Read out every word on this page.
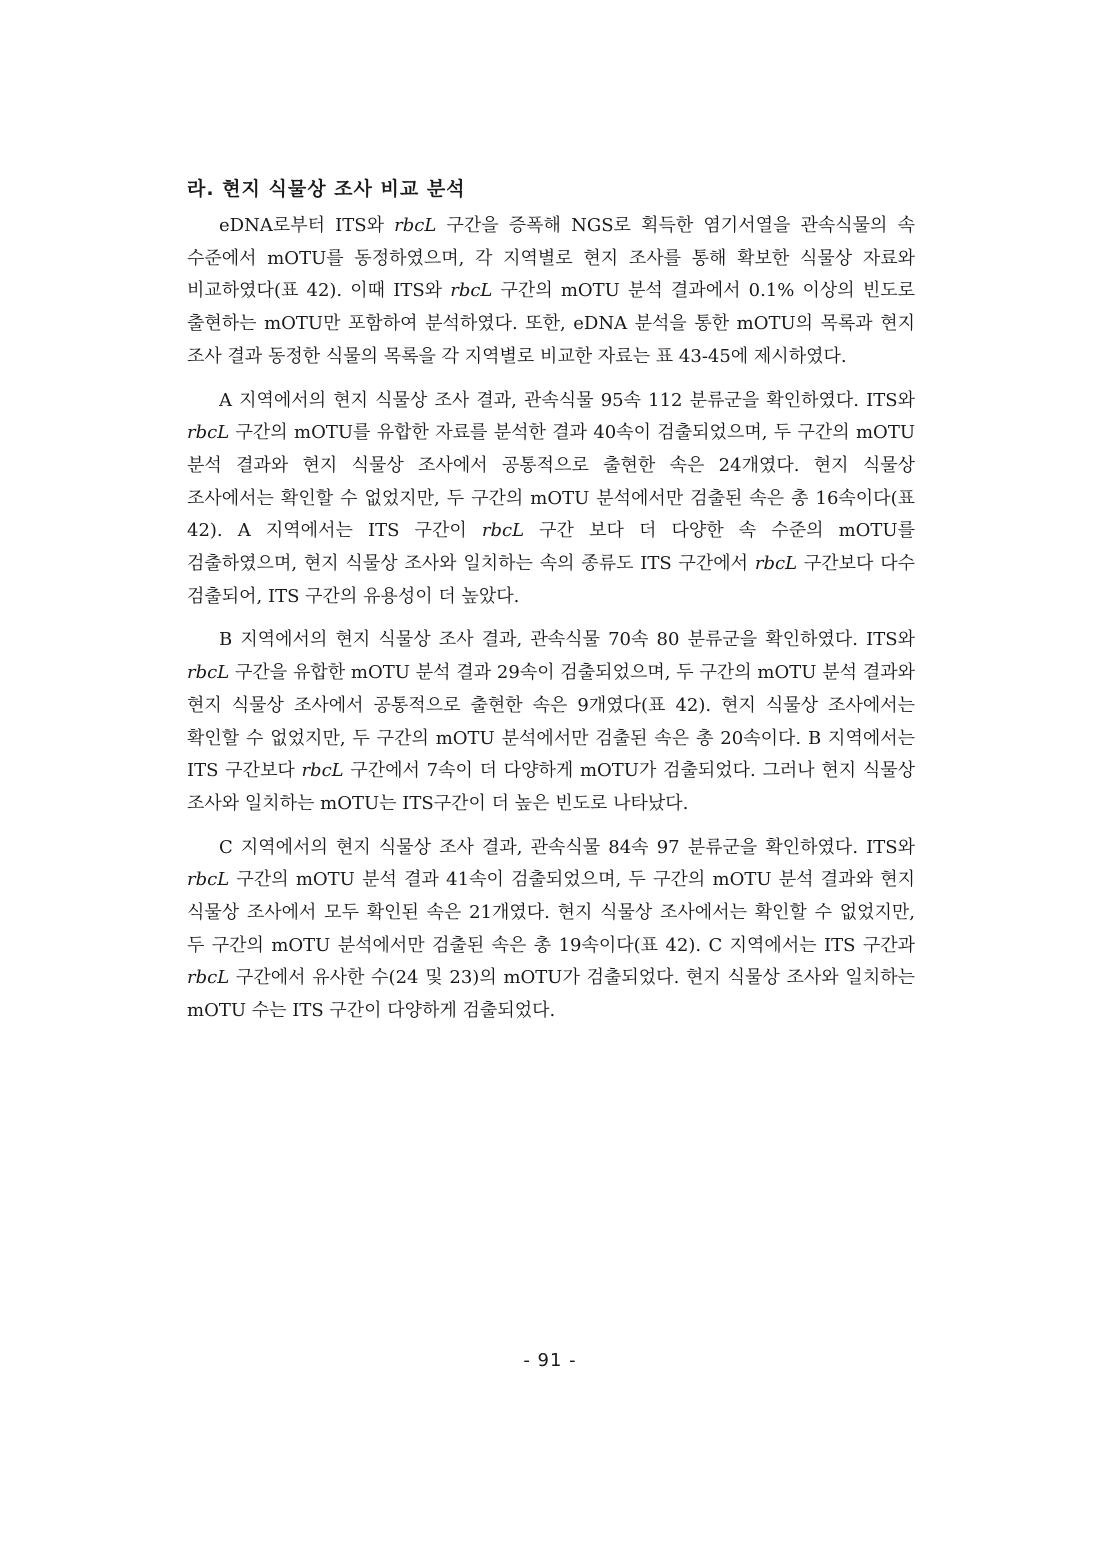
라. 현지 식물상 조사 비교 분석

eDNA로부터 ITS와 rbcL 구간을 증폭해 NGS로 획득한 염기서열을 관속식물의 속 수준에서 mOTU를 동정하였으며, 각 지역별로 현지 조사를 통해 확보한 식물상 자료와 비교하였다(표 42). 이때 ITS와 rbcL 구간의 mOTU 분석 결과에서 0.1% 이상의 빈도로 출현하는 mOTU만 포함하여 분석하였다. 또한, eDNA 분석을 통한 mOTU의 목록과 현지 조사 결과 동정한 식물의 목록을 각 지역별로 비교한 자료는 표 43-45에 제시하였다.

A 지역에서의 현지 식물상 조사 결과, 관속식물 95속 112 분류군을 확인하였다. ITS와 rbcL 구간의 mOTU를 유합한 자료를 분석한 결과 40속이 검출되었으며, 두 구간의 mOTU 분석 결과와 현지 식물상 조사에서 공통적으로 출현한 속은 24개였다. 현지 식물상 조사에서는 확인할 수 없었지만, 두 구간의 mOTU 분석에서만 검출된 속은 총 16속이다(표 42). A 지역에서는 ITS 구간이 rbcL 구간 보다 더 다양한 속 수준의 mOTU를 검출하였으며, 현지 식물상 조사와 일치하는 속의 종류도 ITS 구간에서 rbcL 구간보다 다수 검출되어, ITS 구간의 유용성이 더 높았다.

B 지역에서의 현지 식물상 조사 결과, 관속식물 70속 80 분류군을 확인하였다. ITS와 rbcL 구간을 유합한 mOTU 분석 결과 29속이 검출되었으며, 두 구간의 mOTU 분석 결과와 현지 식물상 조사에서 공통적으로 출현한 속은 9개였다(표 42). 현지 식물상 조사에서는 확인할 수 없었지만, 두 구간의 mOTU 분석에서만 검출된 속은 총 20속이다. B 지역에서는 ITS 구간보다 rbcL 구간에서 7속이 더 다양하게 mOTU가 검출되었다. 그러나 현지 식물상 조사와 일치하는 mOTU는 ITS구간이 더 높은 빈도로 나타났다.

C 지역에서의 현지 식물상 조사 결과, 관속식물 84속 97 분류군을 확인하였다. ITS와 rbcL 구간의 mOTU 분석 결과 41속이 검출되었으며, 두 구간의 mOTU 분석 결과와 현지 식물상 조사에서 모두 확인된 속은 21개였다. 현지 식물상 조사에서는 확인할 수 없었지만, 두 구간의 mOTU 분석에서만 검출된 속은 총 19속이다(표 42). C 지역에서는 ITS 구간과 rbcL 구간에서 유사한 수(24 및 23)의 mOTU가 검출되었다. 현지 식물상 조사와 일치하는 mOTU 수는 ITS 구간이 다양하게 검출되었다.

- 91 -
